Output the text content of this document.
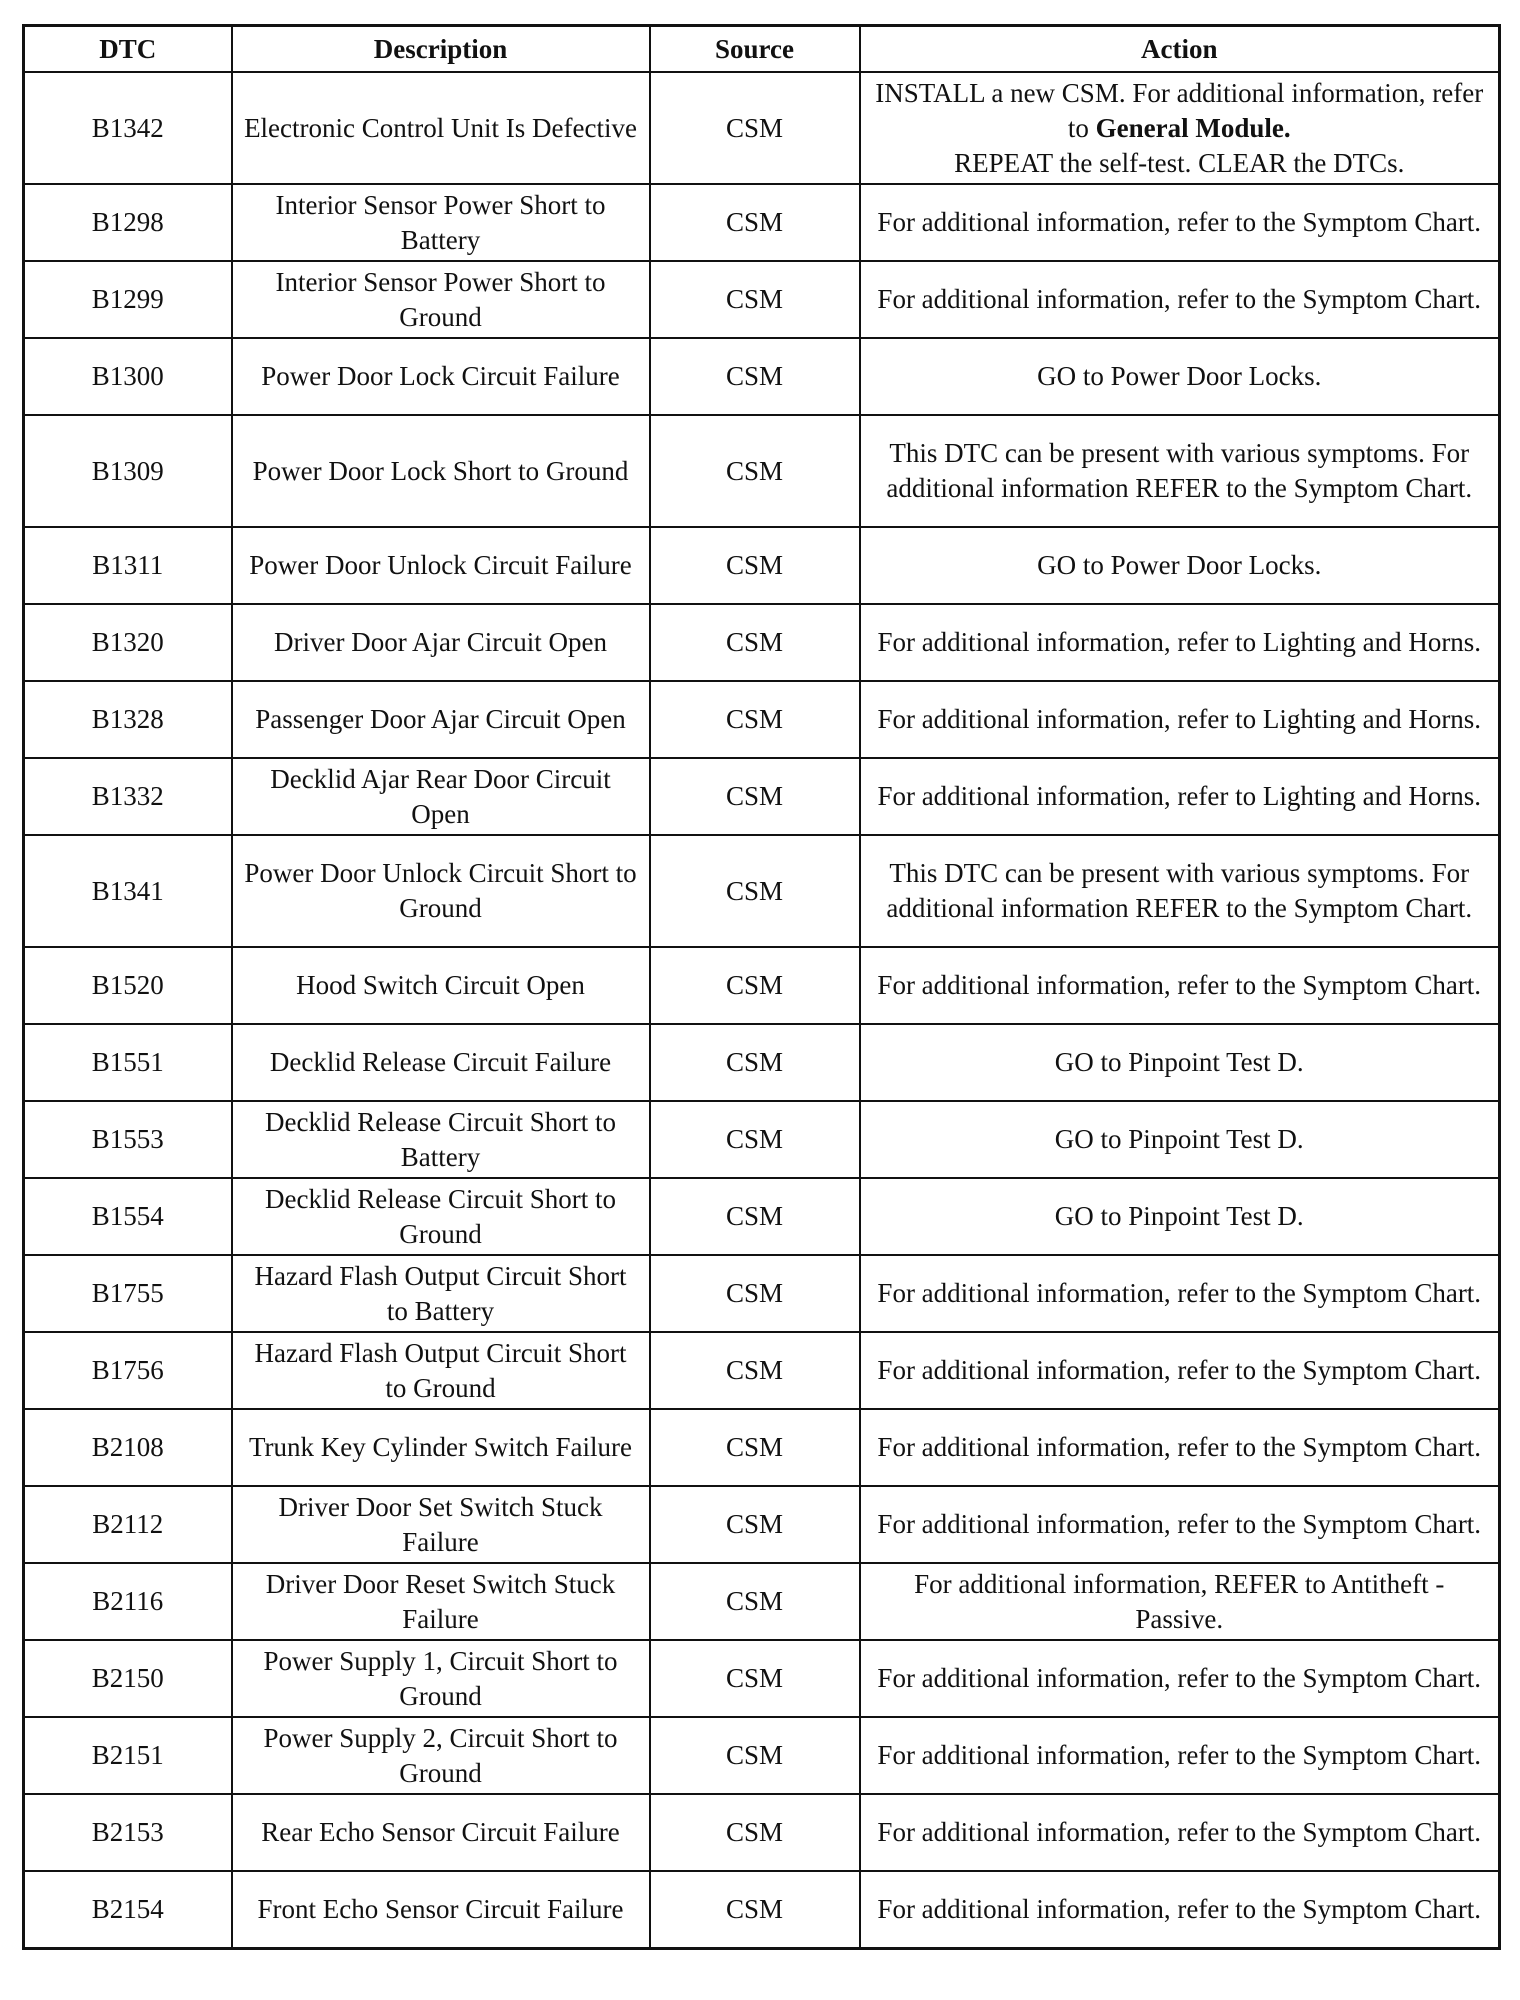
DTC	Description	Source	Action
B1342	Electronic Control Unit Is Defective	CSM	INSTALL a new CSM. For additional information, refer to General Module.
REPEAT the self-test. CLEAR the DTCs.
B1298	Interior Sensor Power Short to Battery	CSM	For additional information, refer to the Symptom Chart.
B1299	Interior Sensor Power Short to Ground	CSM	For additional information, refer to the Symptom Chart.
B1300	Power Door Lock Circuit Failure	CSM	GO to Power Door Locks.
B1309	Power Door Lock Short to Ground	CSM	This DTC can be present with various symptoms. For additional information REFER to the Symptom Chart.
B1311	Power Door Unlock Circuit Failure	CSM	GO to Power Door Locks.
B1320	Driver Door Ajar Circuit Open	CSM	For additional information, refer to Lighting and Horns.
B1328	Passenger Door Ajar Circuit Open	CSM	For additional information, refer to Lighting and Horns.
B1332	Decklid Ajar Rear Door Circuit Open	CSM	For additional information, refer to Lighting and Horns.
B1341	Power Door Unlock Circuit Short to Ground	CSM	This DTC can be present with various symptoms. For additional information REFER to the Symptom Chart.
B1520	Hood Switch Circuit Open	CSM	For additional information, refer to the Symptom Chart.
B1551	Decklid Release Circuit Failure	CSM	GO to Pinpoint Test D.
B1553	Decklid Release Circuit Short to Battery	CSM	GO to Pinpoint Test D.
B1554	Decklid Release Circuit Short to Ground	CSM	GO to Pinpoint Test D.
B1755	Hazard Flash Output Circuit Short to Battery	CSM	For additional information, refer to the Symptom Chart.
B1756	Hazard Flash Output Circuit Short to Ground	CSM	For additional information, refer to the Symptom Chart.
B2108	Trunk Key Cylinder Switch Failure	CSM	For additional information, refer to the Symptom Chart.
B2112	Driver Door Set Switch Stuck Failure	CSM	For additional information, refer to the Symptom Chart.
B2116	Driver Door Reset Switch Stuck Failure	CSM	For additional information, REFER to Antitheft - Passive.
B2150	Power Supply 1, Circuit Short to Ground	CSM	For additional information, refer to the Symptom Chart.
B2151	Power Supply 2, Circuit Short to Ground	CSM	For additional information, refer to the Symptom Chart.
B2153	Rear Echo Sensor Circuit Failure	CSM	For additional information, refer to the Symptom Chart.
B2154	Front Echo Sensor Circuit Failure	CSM	For additional information, refer to the Symptom Chart.
